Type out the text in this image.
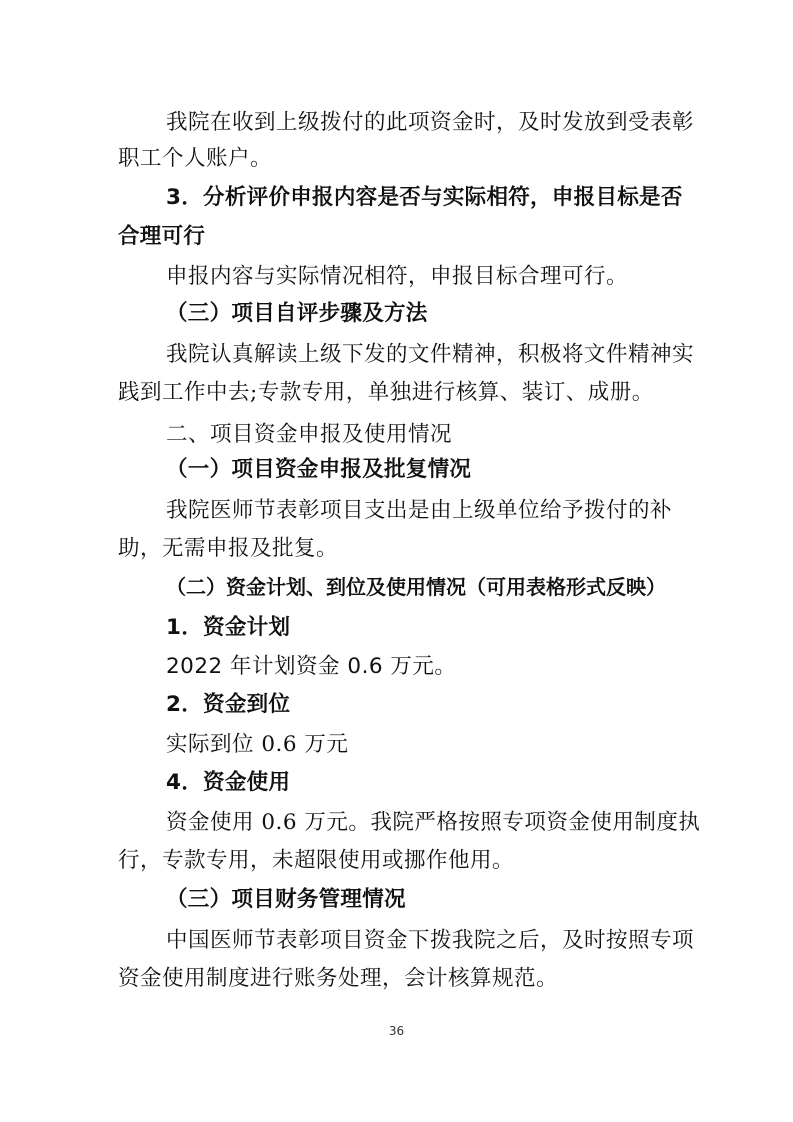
我院在收到上级拨付的此项资金时，及时发放到受表彰
职工个人账户。
3．分析评价申报内容是否与实际相符，申报目标是否
合理可行
申报内容与实际情况相符，申报目标合理可行。
（三）项目自评步骤及方法
我院认真解读上级下发的文件精神，积极将文件精神实
践到工作中去;专款专用，单独进行核算、装订、成册。
二、项目资金申报及使用情况
（一）项目资金申报及批复情况
我院医师节表彰项目支出是由上级单位给予拨付的补
助，无需申报及批复。
（二）资金计划、到位及使用情况（可用表格形式反映）
1．资金计划
2022 年计划资金 0.6 万元。
2．资金到位
实际到位 0.6 万元
4．资金使用
资金使用 0.6 万元。我院严格按照专项资金使用制度执
行，专款专用，未超限使用或挪作他用。
（三）项目财务管理情况
中国医师节表彰项目资金下拨我院之后，及时按照专项
资金使用制度进行账务处理，会计核算规范。
36
